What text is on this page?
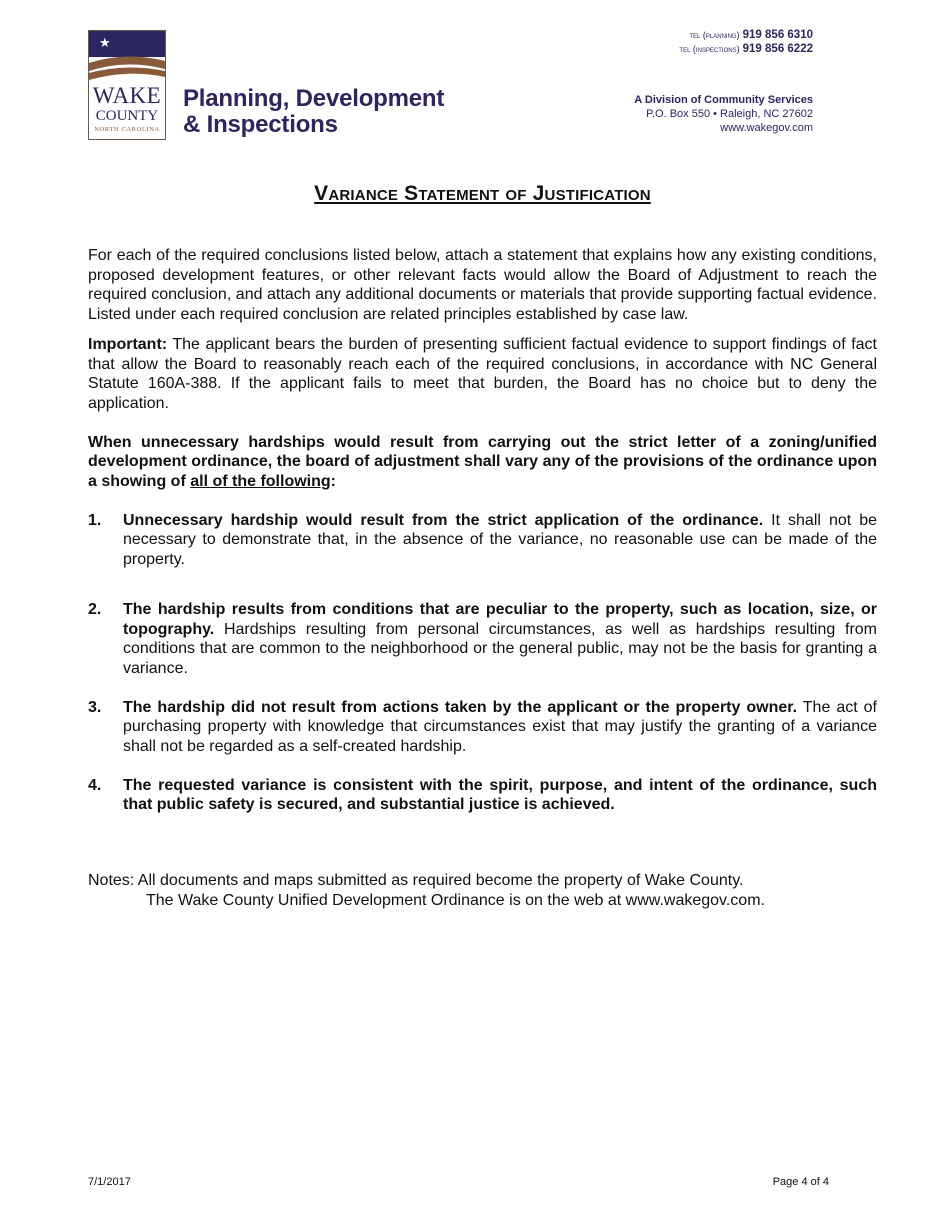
★
WAKE
COUNTY
NORTH CAROLINA
Planning, Development
& Inspections
tel (planning) 919 856 6310
tel (inspections) 919 856 6222
A Division of Community Services
P.O. Box 550 • Raleigh, NC 27602
www.wakegov.com
Variance Statement of Justification

For each of the required conclusions listed below, attach a statement that explains how any existing conditions, proposed development features, or other relevant facts would allow the Board of Adjustment to reach the required conclusion, and attach any additional documents or materials that provide supporting factual evidence. Listed under each required conclusion are related principles established by case law.

Important: The applicant bears the burden of presenting sufficient factual evidence to support findings of fact that allow the Board to reasonably reach each of the required conclusions, in accordance with NC General Statute 160A-388. If the applicant fails to meet that burden, the Board has no choice but to deny the application.

When unnecessary hardships would result from carrying out the strict letter of a zoning/unified development ordinance, the board of adjustment shall vary any of the provisions of the ordinance upon a showing of all of the following:
1. Unnecessary hardship would result from the strict application of the ordinance. It shall not be necessary to demonstrate that, in the absence of the variance, no reasonable use can be made of the property.
2. The hardship results from conditions that are peculiar to the property, such as location, size, or topography. Hardships resulting from personal circumstances, as well as hardships resulting from conditions that are common to the neighborhood or the general public, may not be the basis for granting a variance.
3. The hardship did not result from actions taken by the applicant or the property owner. The act of purchasing property with knowledge that circumstances exist that may justify the granting of a variance shall not be regarded as a self-created hardship.
4. The requested variance is consistent with the spirit, purpose, and intent of the ordinance, such that public safety is secured, and substantial justice is achieved.
Notes: All documents and maps submitted as required become the property of Wake County.
The Wake County Unified Development Ordinance is on the web at www.wakegov.com.
7/1/2017	Page 4 of 4
